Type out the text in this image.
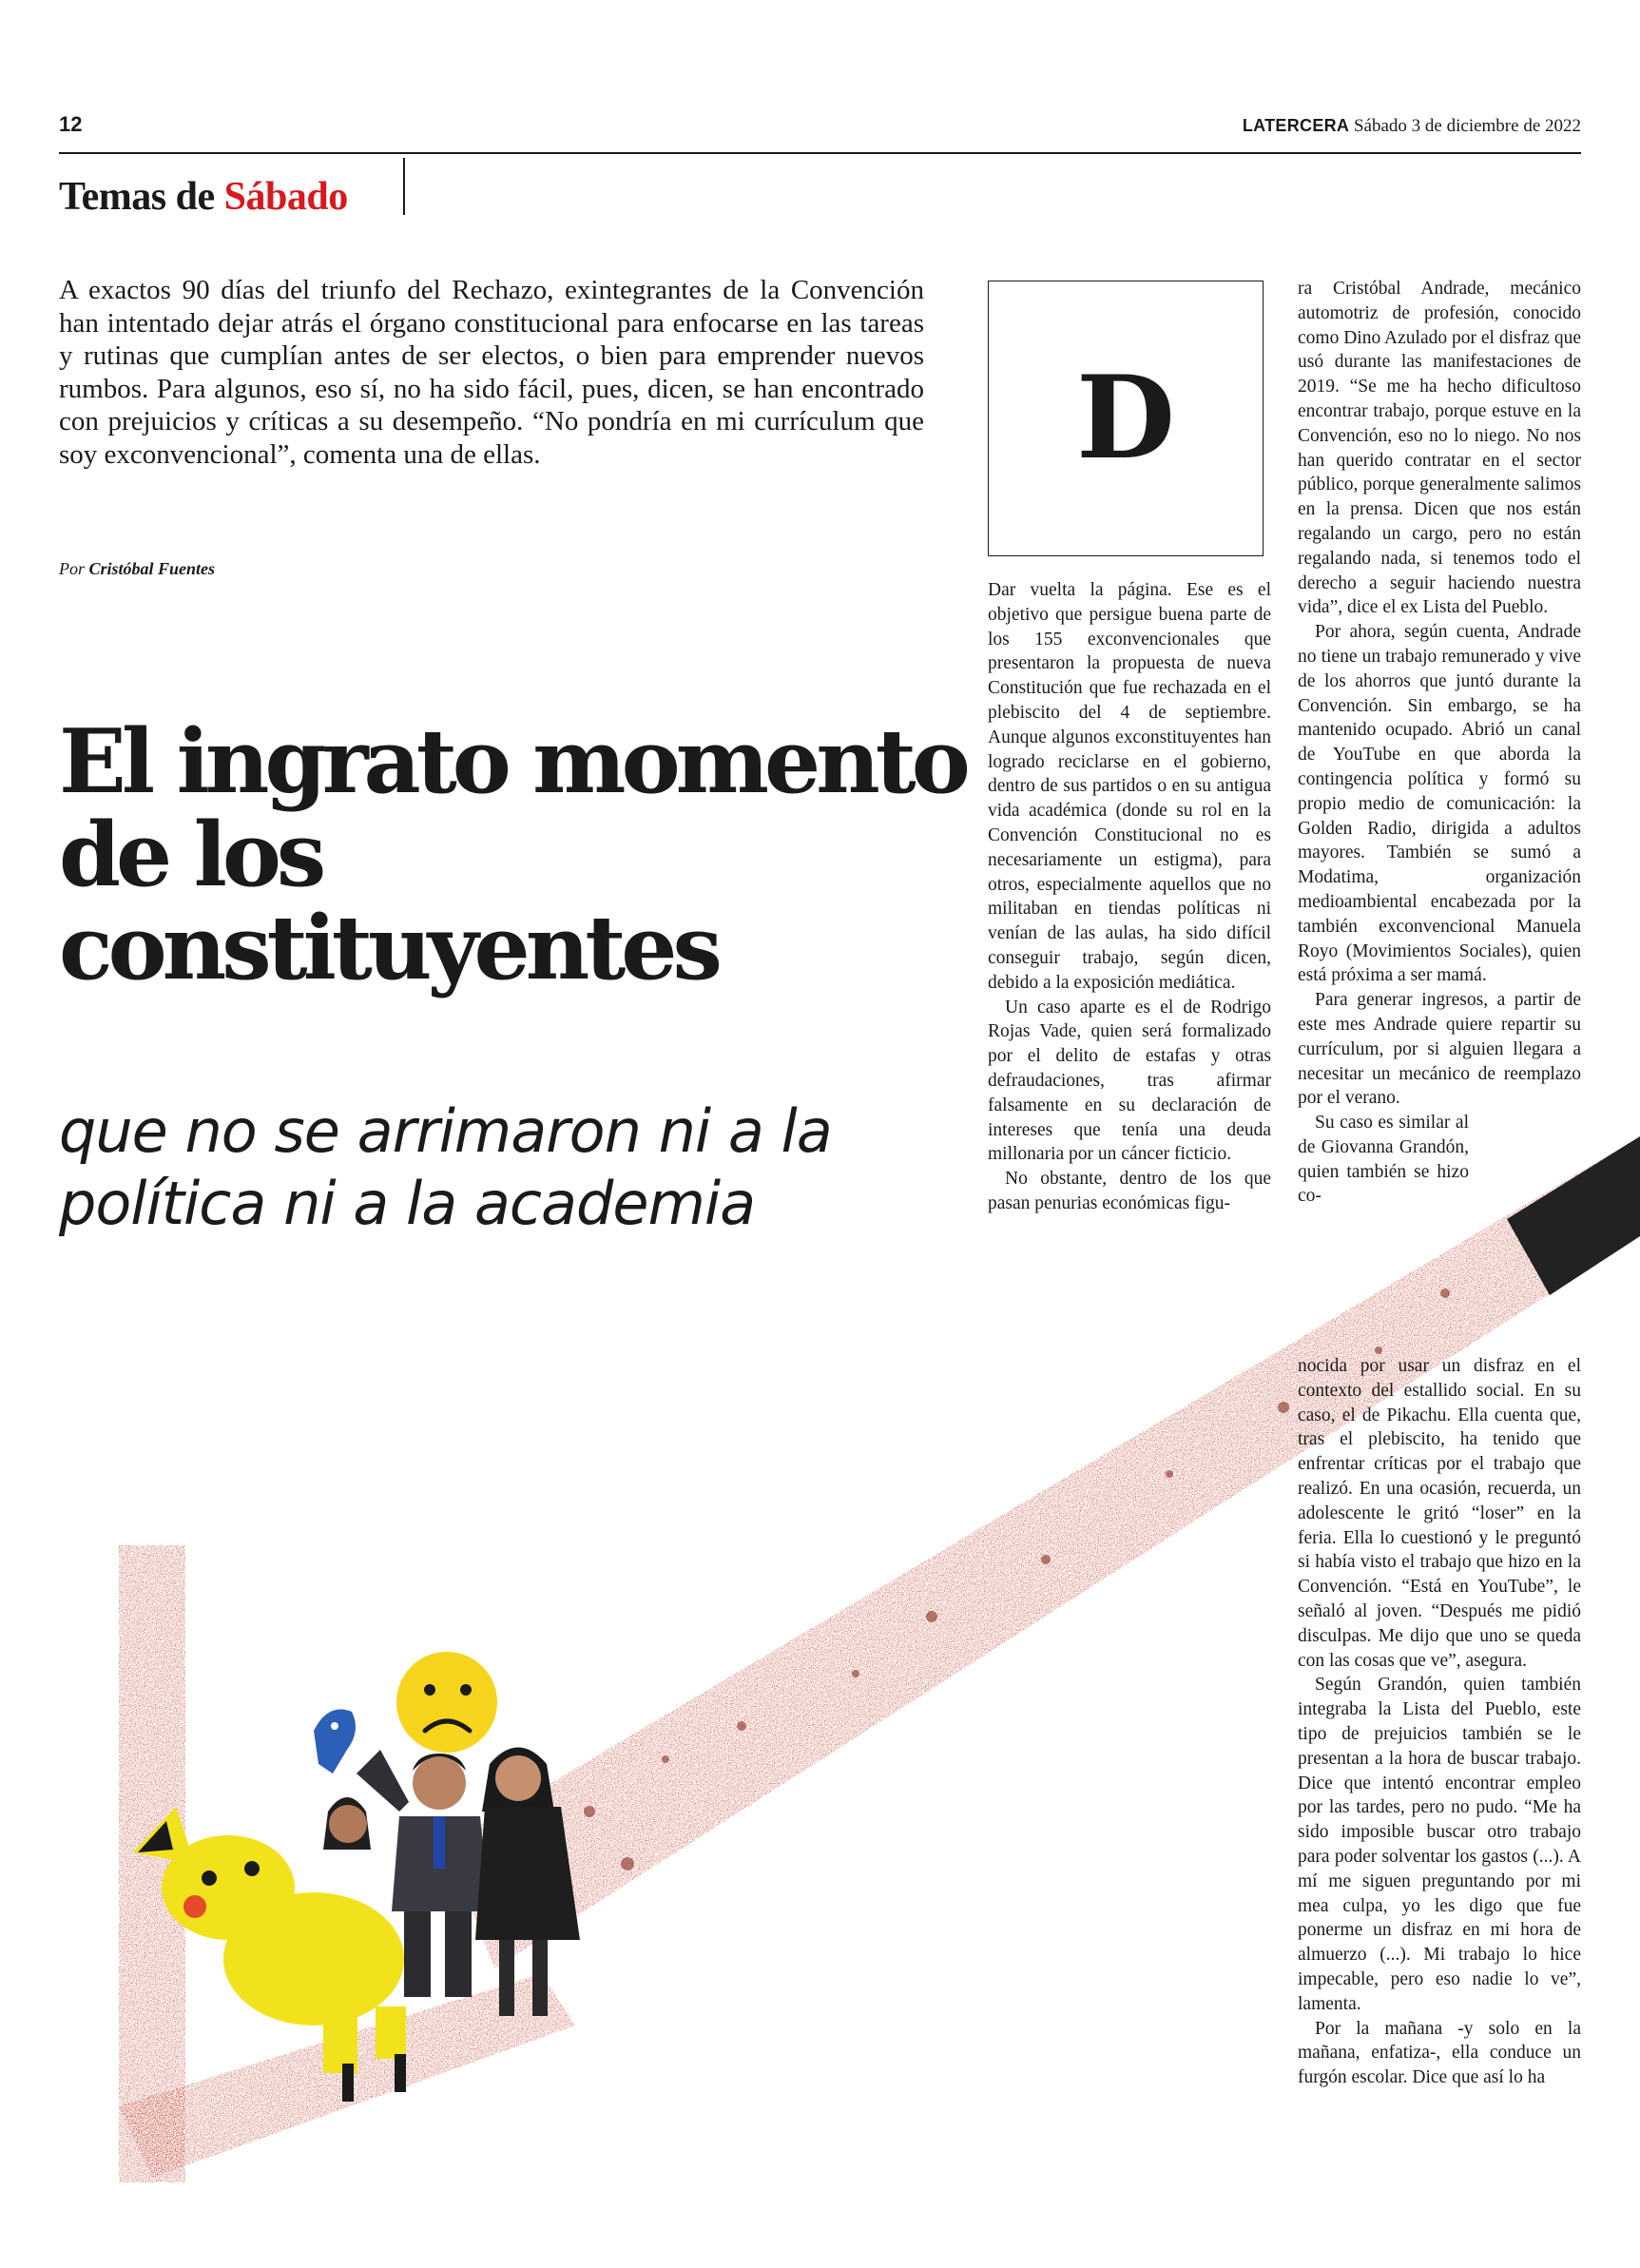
12	LATERCERA Sábado 3 de diciembre de 2022
Temas de Sábado

A exactos 90 días del triunfo del Rechazo, exintegrantes de la Convención han intentado dejar atrás el órgano constitucional para enfocarse en las tareas y rutinas que cumplían antes de ser electos, o bien para emprender nuevos rumbos. Para algunos, eso sí, no ha sido fácil, pues, dicen, se han encontrado con prejuicios y críticas a su desempeño. “No pondría en mi currículum que soy exconvencional”, comenta una de ellas.

Por Cristóbal Fuentes
El ingrato momento de los constituyentes
que no se arrimaron ni a la política ni a la academia
D

Dar vuelta la página. Ese es el objetivo que persigue buena parte de los 155 exconvencionales que presentaron la propuesta de nueva Constitución que fue rechazada en el plebiscito del 4 de septiembre. Aunque algunos exconstituyentes han logrado reciclarse en el gobierno, dentro de sus partidos o en su antigua vida académica (donde su rol en la Convención Constitucional no es necesariamente un estigma), para otros, especialmente aquellos que no militaban en tiendas políticas ni venían de las aulas, ha sido difícil conseguir trabajo, según dicen, debido a la exposición mediática.

Un caso aparte es el de Rodrigo Rojas Vade, quien será formalizado por el delito de estafas y otras defraudaciones, tras afirmar falsamente en su declaración de intereses que tenía una deuda millonaria por un cáncer ficticio.

No obstante, dentro de los que pasan penurias económicas figu-

ra Cristóbal Andrade, mecánico automotriz de profesión, conocido como Dino Azulado por el disfraz que usó durante las manifestaciones de 2019. “Se me ha hecho dificultoso encontrar trabajo, porque estuve en la Convención, eso no lo niego. No nos han querido contratar en el sector público, porque generalmente salimos en la prensa. Dicen que nos están regalando un cargo, pero no están regalando nada, si tenemos todo el derecho a seguir haciendo nuestra vida”, dice el ex Lista del Pueblo.

Por ahora, según cuenta, Andrade no tiene un trabajo remunerado y vive de los ahorros que juntó durante la Convención. Sin embargo, se ha mantenido ocupado. Abrió un canal de YouTube en que aborda la contingencia política y formó su propio medio de comunicación: la Golden Radio, dirigida a adultos mayores. También se sumó a Modatima, organización medioambiental encabezada por la también exconvencional Manuela Royo (Movimientos Sociales), quien está próxima a ser mamá.

Para generar ingresos, a partir de este mes Andrade quiere repartir su currículum, por si alguien llegara a necesitar un mecánico de reemplazo por el verano.

Su caso es similar al de Giovanna Grandón, quien también se hizo co-

nocida por usar un disfraz en el contexto del estallido social. En su caso, el de Pikachu. Ella cuenta que, tras el plebiscito, ha tenido que enfrentar críticas por el trabajo que realizó. En una ocasión, recuerda, un adolescente le gritó “loser” en la feria. Ella lo cuestionó y le preguntó si había visto el trabajo que hizo en la Convención. “Está en YouTube”, le señaló al joven. “Después me pidió disculpas. Me dijo que uno se queda con las cosas que ve”, asegura.

Según Grandón, quien también integraba la Lista del Pueblo, este tipo de prejuicios también se le presentan a la hora de buscar trabajo. Dice que intentó encontrar empleo por las tardes, pero no pudo. “Me ha sido imposible buscar otro trabajo para poder solventar los gastos (...). A mí me siguen preguntando por mi mea culpa, yo les digo que fue ponerme un disfraz en mi hora de almuerzo (...). Mi trabajo lo hice impecable, pero eso nadie lo ve”, lamenta.

Por la mañana -y solo en la mañana, enfatiza-, ella conduce un furgón escolar. Dice que así lo ha
